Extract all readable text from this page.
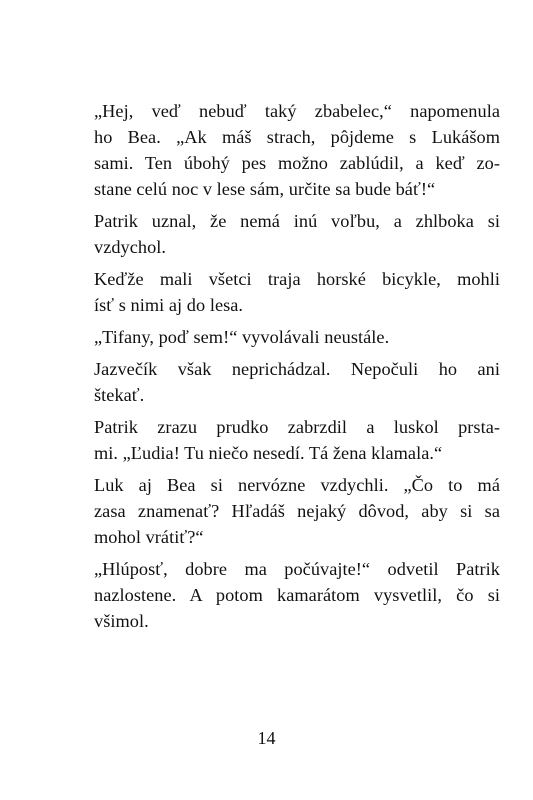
„Hej, veď nebuď taký zbabelec,“ napomenula
ho Bea. „Ak máš strach, pôjdeme s Lukášom
sami. Ten úbohý pes možno zablúdil, a keď zo-
stane celú noc v lese sám, určite sa bude báť!“
Patrik uznal, že nemá inú voľbu, a zhlboka si
vzdychol.
Keďže mali všetci traja horské bicykle, mohli
ísť s nimi aj do lesa.
„Tifany, poď sem!“ vyvolávali neustále.
Jazvečík však neprichádzal. Nepočuli ho ani
štekať.
Patrik zrazu prudko zabrzdil a luskol prsta-
mi. „Ľudia! Tu niečo nesedí. Tá žena klamala.“
Luk aj Bea si nervózne vzdychli. „Čo to má
zasa znamenať? Hľadáš nejaký dôvod, aby si sa
mohol vrátiť?“
„Hlúposť, dobre ma počúvajte!“ odvetil Patrik
nazlostene. A potom kamarátom vysvetlil, čo si
všimol.
14
